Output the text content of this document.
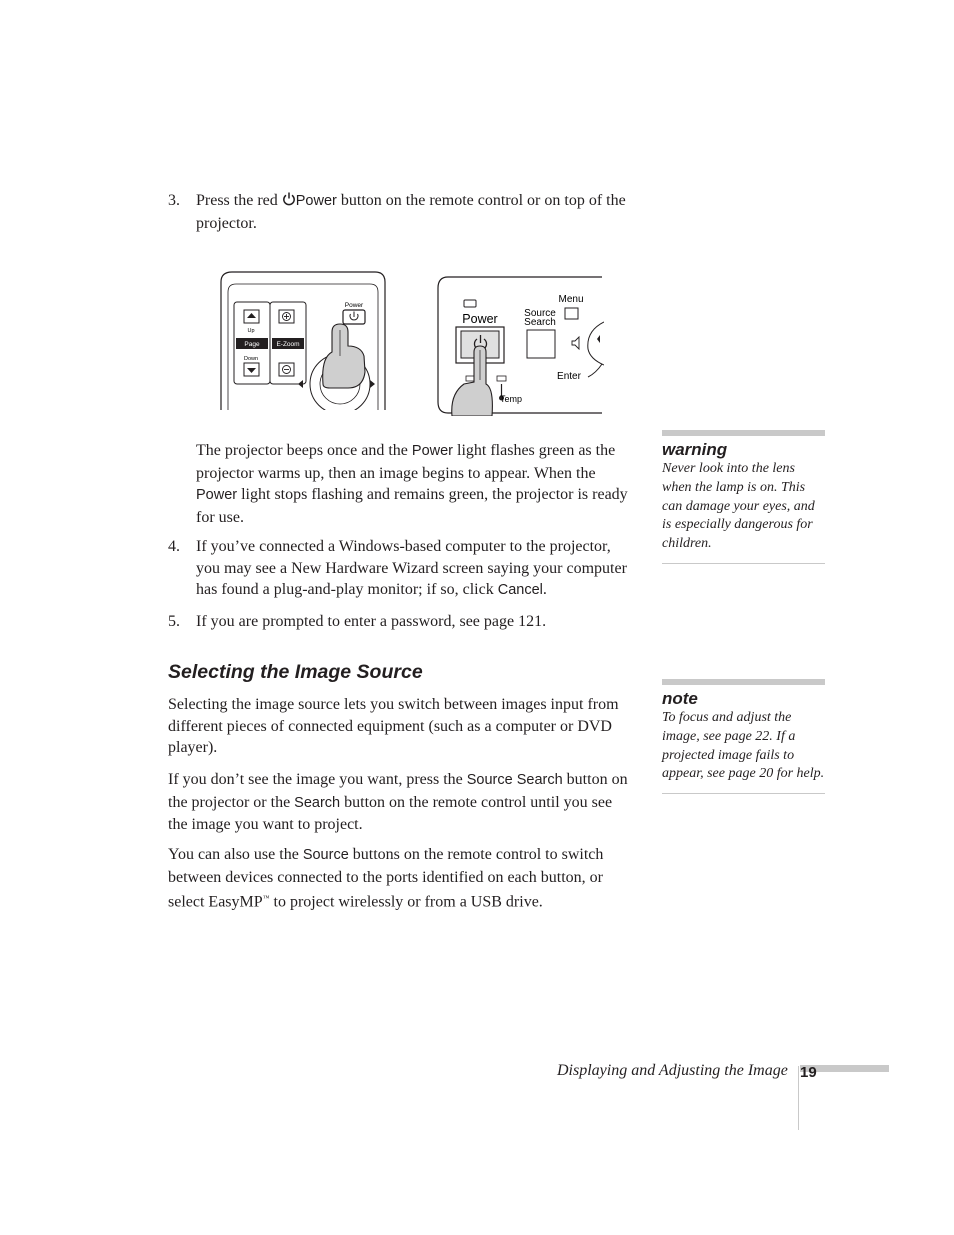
3. Press the red Power button on the remote control or on top of the projector.
Up
Page
Down
E-Zoom
Power
Power
Temp
Source
Search
Menu
Enter

The projector beeps once and the Power light flashes green as the projector warms up, then an image begins to appear. When the Power light stops flashing and remains green, the projector is ready for use.

4. If you’ve connected a Windows-based computer to the projector, you may see a New Hardware Wizard screen saying your computer has found a plug-and-play monitor; if so, click Cancel.
5. If you are prompted to enter a password, see page 121.
Selecting the Image Source

Selecting the image source lets you switch between images input from different pieces of connected equipment (such as a computer or DVD player).

If you don’t see the image you want, press the Source Search button on the projector or the Search button on the remote control until you see the image you want to project.

You can also use the Source buttons on the remote control to switch between devices connected to the ports identified on each button, or select EasyMP™ to project wirelessly or from a USB drive.

warning
Never look into the lens when the lamp is on. This can damage your eyes, and is especially dangerous for children.
note
To focus and adjust the image, see page 22. If a projected image fails to appear, see page 20 for help.
Displaying and Adjusting the Image 19
